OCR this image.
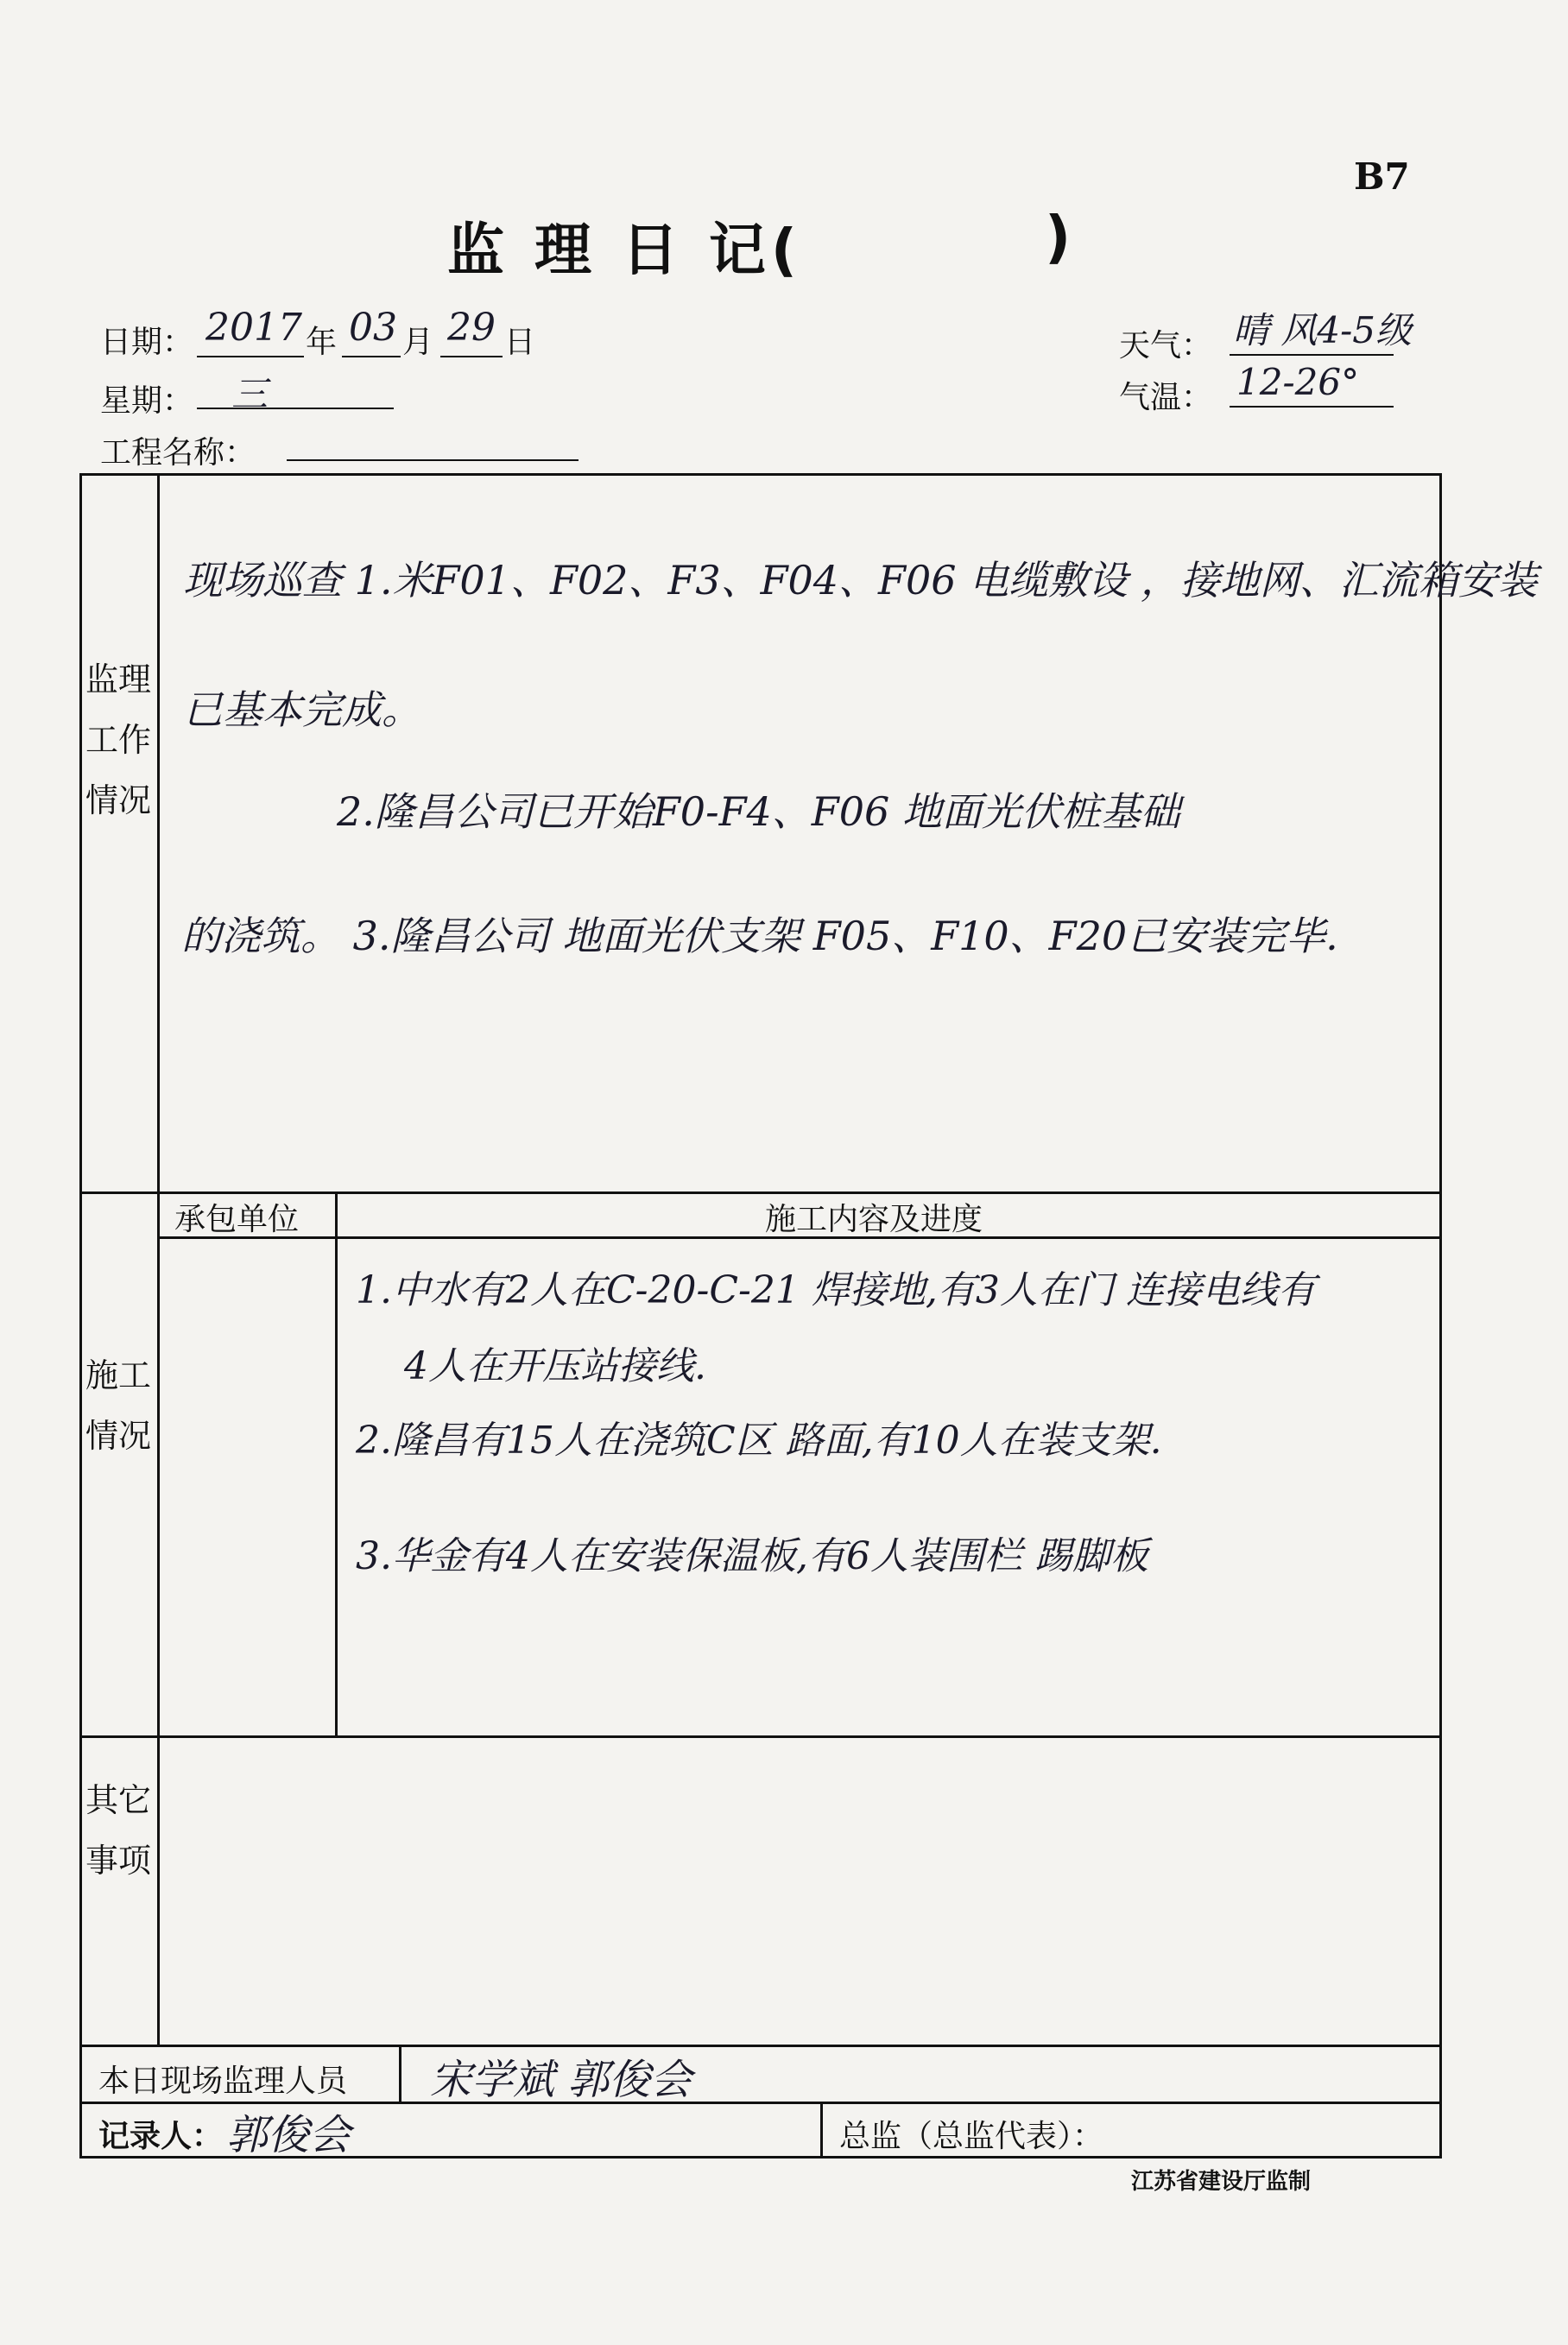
B7
监 理 日 记(	)
日期： 2017 年 03 月 29 日
星期： 三
工程名称：
天气： 晴 风4-5级
气温： 12-26°
监理工作情况
现场巡查 1.米F01、F02、F3、F04、F06 电缆敷设 ，接地网、汇流箱安装
已基本完成。
2.隆昌公司已开始F0-F4、F06 地面光伏桩基础
的浇筑。 3.隆昌公司 地面光伏支架 F05、F10、F20已安装完毕.
施工情况
承包单位	施工内容及进度
1.中水有2人在C-20-C-21 焊接地,有3人在门 连接电线有
4人在开压站接线.
2.隆昌有15人在浇筑C区 路面,有10人在装支架.
3.华金有4人在安装保温板,有6人装围栏 踢脚板
其它事项
本日现场监理人员 宋学斌 郭俊会
记录人： 郭俊会	总监（总监代表）：
江苏省建设厅监制
